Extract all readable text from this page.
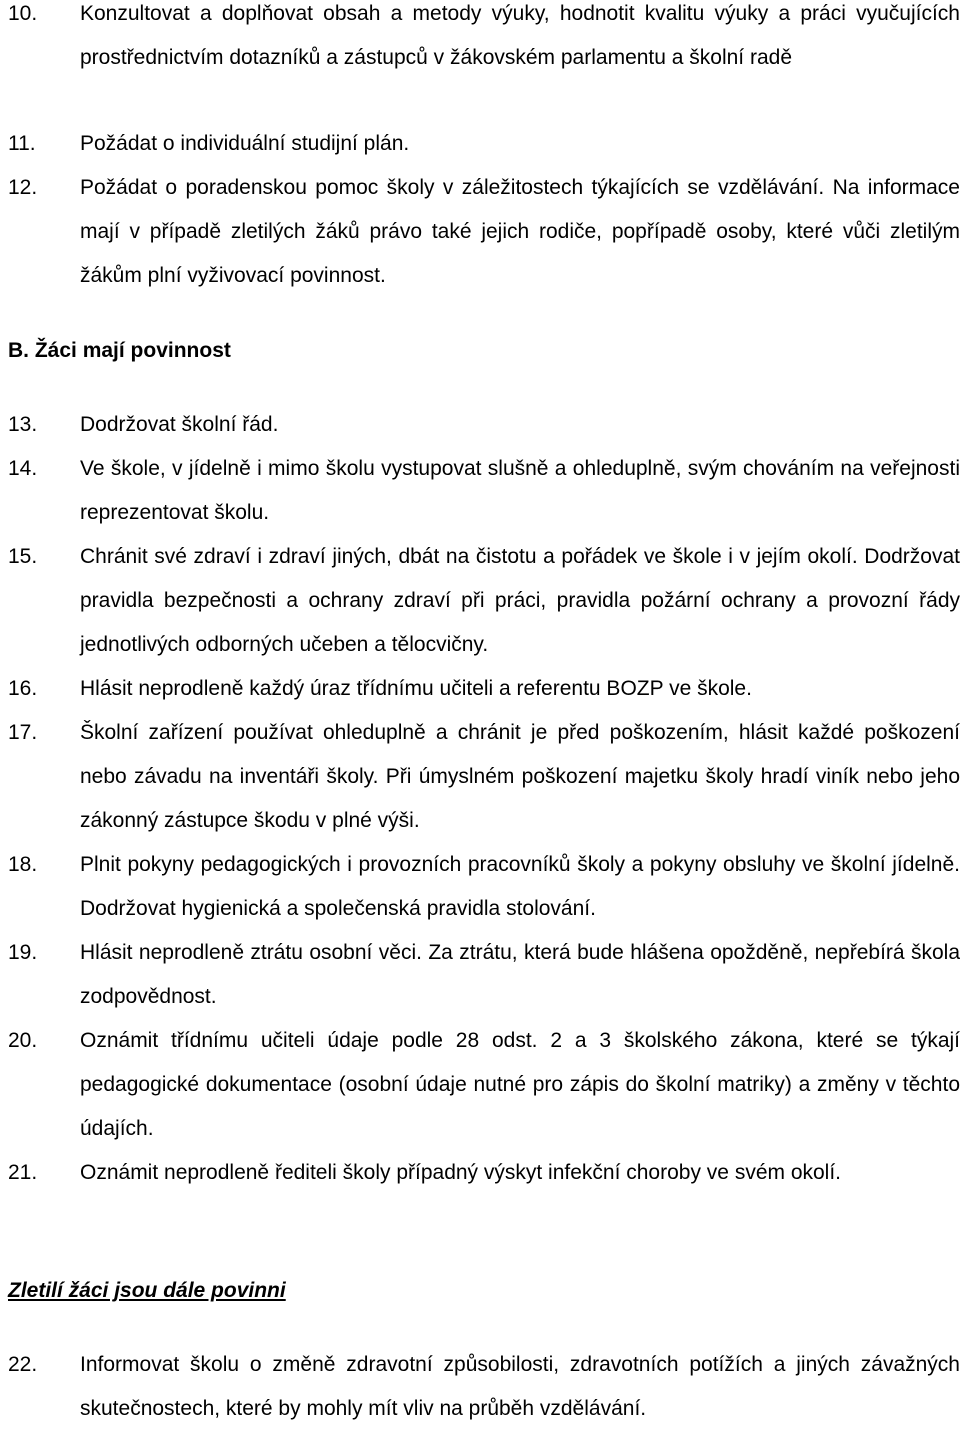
10.	Konzultovat a doplňovat obsah a metody výuky, hodnotit kvalitu výuky a práci vyučujících prostřednictvím dotazníků a zástupců v žákovském parlamentu a školní radě
11.	Požádat o individuální studijní plán.
12.	Požádat o poradenskou pomoc školy v záležitostech týkajících se vzdělávání. Na informace mají v případě zletilých žáků právo také jejich rodiče, popřípadě osoby, které vůči zletilým žákům plní vyživovací povinnost.
B. Žáci mají povinnost
13.	Dodržovat školní řád.
14.	Ve škole, v jídelně i mimo školu vystupovat slušně a ohleduplně, svým chováním na veřejnosti reprezentovat školu.
15.	Chránit své zdraví i zdraví jiných, dbát na čistotu a pořádek ve škole i v jejím okolí. Dodržovat pravidla bezpečnosti a ochrany zdraví při práci, pravidla požární ochrany a provozní řády jednotlivých odborných učeben a tělocvičny.
16.	Hlásit neprodleně každý úraz třídnímu učiteli a referentu BOZP ve škole.
17.	Školní zařízení používat ohleduplně a chránit je před poškozením, hlásit každé poškození nebo závadu na inventáři školy. Při úmyslném poškození majetku školy hradí viník nebo jeho zákonný zástupce škodu v plné výši.
18.	Plnit pokyny pedagogických i provozních pracovníků školy a pokyny obsluhy ve školní jídelně. Dodržovat hygienická a společenská pravidla stolování.
19.	Hlásit neprodleně ztrátu osobní věci. Za ztrátu, která bude hlášena opožděně, nepřebírá škola zodpovědnost.
20.	Oznámit třídnímu učiteli údaje podle 28 odst. 2 a 3 školského zákona, které se týkají pedagogické dokumentace (osobní údaje nutné pro zápis do školní matriky) a změny v těchto údajích.
21.	Oznámit neprodleně řediteli školy případný výskyt infekční choroby ve svém okolí.
Zletilí žáci jsou dále povinni
22.	Informovat školu o změně zdravotní způsobilosti, zdravotních potížích a jiných závažných skutečnostech, které by mohly mít vliv na průběh vzdělávání.
